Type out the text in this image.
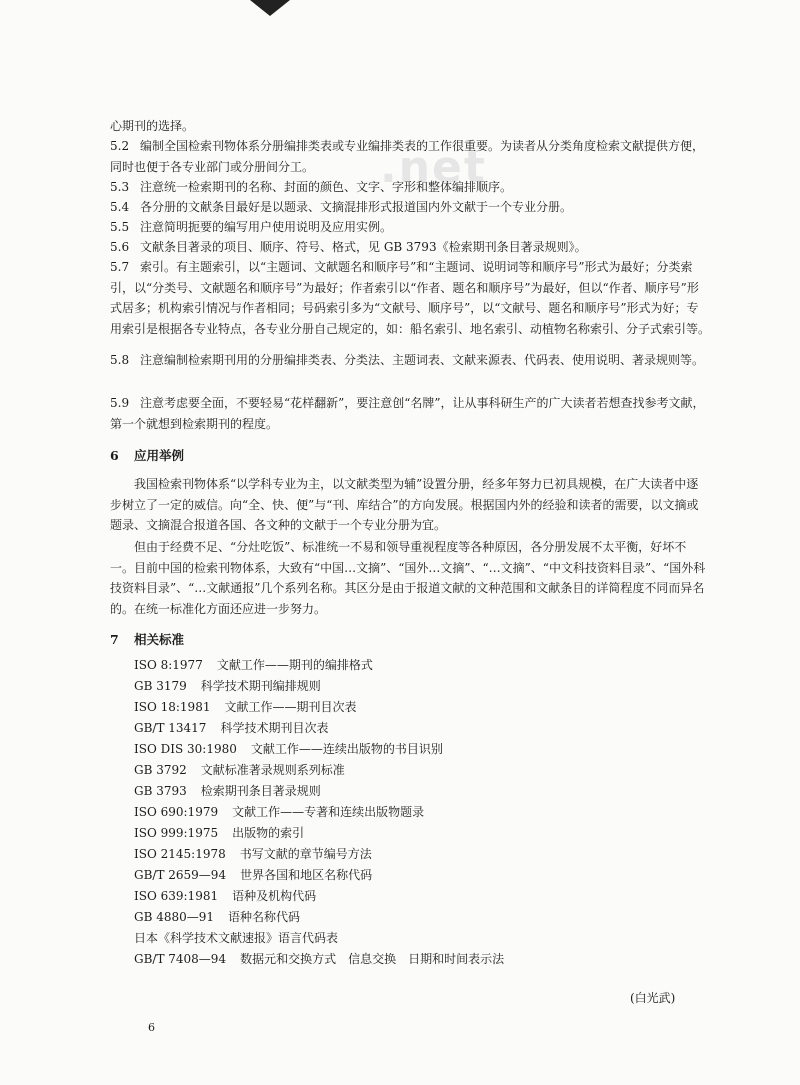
.net

心期刊的选择。

5.2 编制全国检索刊物体系分册编排类表或专业编排类表的工作很重要。为读者从分类角度检索文献提供方便，同时也便于各专业部门或分册间分工。

5.3 注意统一检索期刊的名称、封面的颜色、文字、字形和整体编排顺序。

5.4 各分册的文献条目最好是以题录、文摘混排形式报道国内外文献于一个专业分册。

5.5 注意简明扼要的编写用户使用说明及应用实例。

5.6 文献条目著录的项目、顺序、符号、格式，见 GB 3793《检索期刊条目著录规则》。

5.7 索引。有主题索引，以“主题词、文献题名和顺序号”和“主题词、说明词等和顺序号”形式为最好；分类索引，以“分类号、文献题名和顺序号”为最好；作者索引以“作者、题名和顺序号”为最好，但以“作者、顺序号”形式居多；机构索引情况与作者相同；号码索引多为“文献号、顺序号”，以“文献号、题名和顺序号”形式为好；专用索引是根据各专业特点，各专业分册自己规定的，如：船名索引、地名索引、动植物名称索引、分子式索引等。

5.8 注意编制检索期刊用的分册编排类表、分类法、主题词表、文献来源表、代码表、使用说明、著录规则等。

5.9 注意考虑要全面，不要轻易“花样翻新”，要注意创“名牌”，让从事科研生产的广大读者若想查找参考文献，第一个就想到检索期刊的程度。

6 应用举例

我国检索刊物体系“以学科专业为主，以文献类型为辅”设置分册，经多年努力已初具规模，在广大读者中逐步树立了一定的威信。向“全、快、便”与“刊、库结合”的方向发展。根据国内外的经验和读者的需要，以文摘或题录、文摘混合报道各国、各文种的文献于一个专业分册为宜。

但由于经费不足、“分灶吃饭”、标准统一不易和领导重视程度等各种原因，各分册发展不太平衡，好坏不一。目前中国的检索刊物体系，大致有“中国…文摘”、“国外…文摘”、“…文摘”、“中文科技资料目录”、“国外科技资料目录”、“…文献通报”几个系列名称。其区分是由于报道文献的文种范围和文献条目的详简程度不同而异名的。在统一标准化方面还应进一步努力。

7 相关标准
ISO 8:1977 文献工作——期刊的编排格式
GB 3179 科学技术期刊编排规则
ISO 18:1981 文献工作——期刊目次表
GB/T 13417 科学技术期刊目次表
ISO DIS 30:1980 文献工作——连续出版物的书目识别
GB 3792 文献标准著录规则系列标准
GB 3793 检索期刊条目著录规则
ISO 690:1979 文献工作——专著和连续出版物题录
ISO 999:1975 出版物的索引
ISO 2145:1978 书写文献的章节编号方法
GB/T 2659—94 世界各国和地区名称代码
ISO 639:1981 语种及机构代码
GB 4880—91 语种名称代码
日本《科学技术文献速报》语言代码表
GB/T 7408—94 数据元和交换方式　信息交换　日期和时间表示法
(白光武)
6
